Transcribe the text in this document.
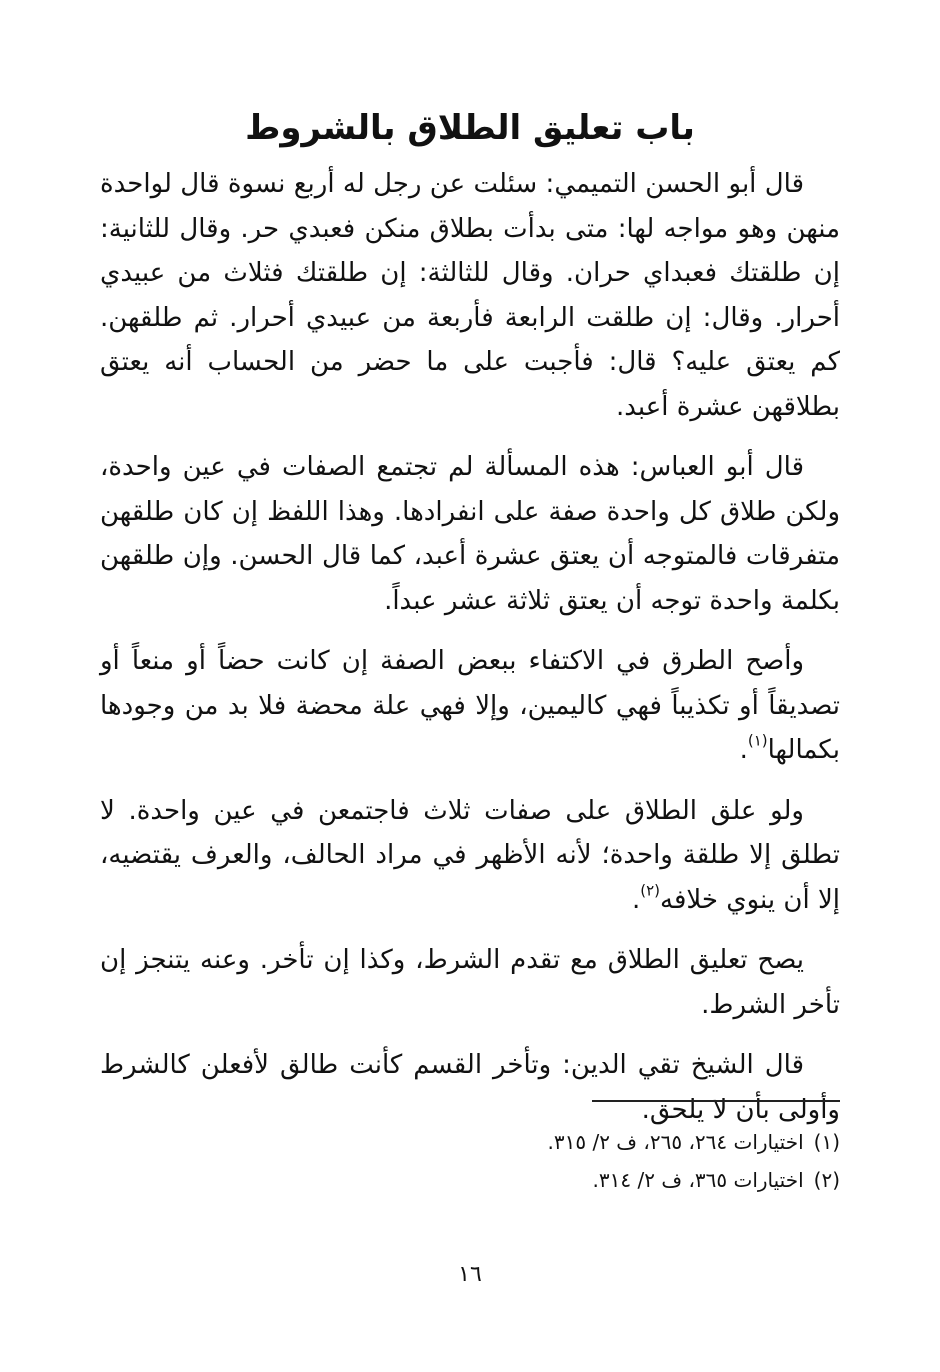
باب تعليق الطلاق بالشروط

قال أبو الحسن التميمي: سئلت عن رجل له أربع نسوة قال لواحدة منهن وهو مواجه لها: متى بدأت بطلاق منكن فعبدي حر. وقال للثانية: إن طلقتك فعبداي حران. وقال للثالثة: إن طلقتك فثلاث من عبيدي أحرار. وقال: إن طلقت الرابعة فأربعة من عبيدي أحرار. ثم طلقهن. كم يعتق عليه؟ قال: فأجبت على ما حضر من الحساب أنه يعتق بطلاقهن عشرة أعبد.

قال أبو العباس: هذه المسألة لم تجتمع الصفات في عين واحدة، ولكن طلاق كل واحدة صفة على انفرادها. وهذا اللفظ إن كان طلقهن متفرقات فالمتوجه أن يعتق عشرة أعبد، كما قال الحسن. وإن طلقهن بكلمة واحدة توجه أن يعتق ثلاثة عشر عبداً.

وأصح الطرق في الاكتفاء ببعض الصفة إن كانت حضاً أو منعاً أو تصديقاً أو تكذيباً فهي كاليمين، وإلا فهي علة محضة فلا بد من وجودها بكمالها$^{(١)}$.

ولو علق الطلاق على صفات ثلاث فاجتمعن في عين واحدة. لا تطلق إلا طلقة واحدة؛ لأنه الأظهر في مراد الحالف، والعرف يقتضيه، إلا أن ينوي خلافه$^{(٢)}$.

يصح تعليق الطلاق مع تقدم الشرط، وكذا إن تأخر. وعنه يتنجز إن تأخر الشرط.

قال الشيخ تقي الدين: وتأخر القسم كأنت طالق لأفعلن كالشرط وأولى بأن لا يلحق.

(١)اختيارات ٢٦٤، ٢٦٥، ف ٢/ ٣١٥.

(٢)اختيارات ٣٦٥، ف ٢/ ٣١٤.

١٦
